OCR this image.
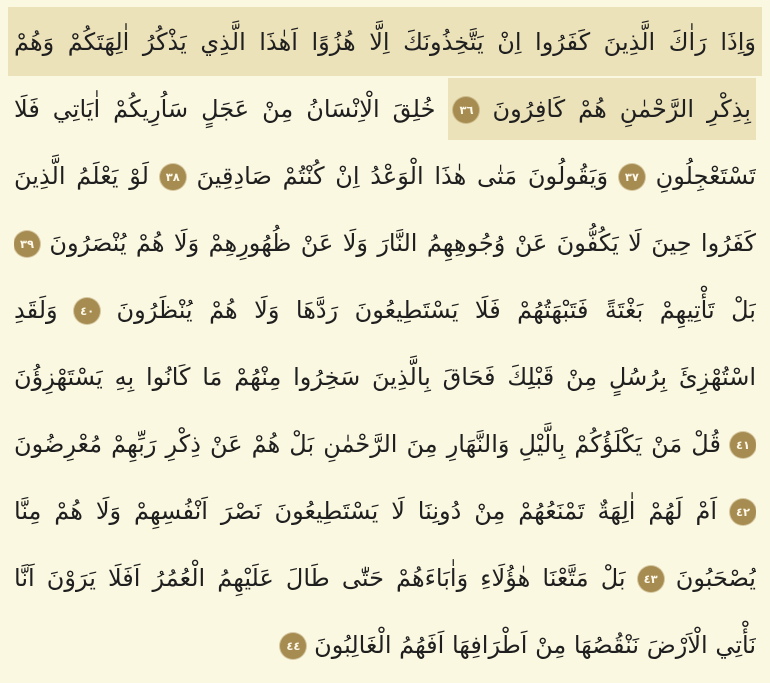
وَاِذَا رَاٰكَ الَّذِينَ كَفَرُوا اِنْ يَتَّخِذُونَكَ اِلَّا هُزُوًا اَهٰذَا الَّذِي يَذْكُرُ اٰلِهَتَكُمْ وَهُمْ
بِذِكْرِ الرَّحْمٰنِ هُمْ كَافِرُونَ ٣٦ خُلِقَ الْاِنْسَانُ مِنْ عَجَلٍ سَاُرِيكُمْ اٰيَاتِي فَلَا
تَسْتَعْجِلُونِ ٣٧ وَيَقُولُونَ مَتٰى هٰذَا الْوَعْدُ اِنْ كُنْتُمْ صَادِقِينَ ٣٨ لَوْ يَعْلَمُ الَّذِينَ
كَفَرُوا حِينَ لَا يَكُفُّونَ عَنْ وُجُوهِهِمُ النَّارَ وَلَا عَنْ ظُهُورِهِمْ وَلَا هُمْ يُنْصَرُونَ ٣٩
بَلْ تَأْتِيهِمْ بَغْتَةً فَتَبْهَتُهُمْ فَلَا يَسْتَطِيعُونَ رَدَّهَا وَلَا هُمْ يُنْظَرُونَ ٤٠ وَلَقَدِ
اسْتُهْزِئَ بِرُسُلٍ مِنْ قَبْلِكَ فَحَاقَ بِالَّذِينَ سَخِرُوا مِنْهُمْ مَا كَانُوا بِهِ يَسْتَهْزِؤُنَ
٤١ قُلْ مَنْ يَكْلَؤُكُمْ بِالَّيْلِ وَالنَّهَارِ مِنَ الرَّحْمٰنِ بَلْ هُمْ عَنْ ذِكْرِ رَبِّهِمْ مُعْرِضُونَ
٤٢ اَمْ لَهُمْ اٰلِهَةٌ تَمْنَعُهُمْ مِنْ دُونِنَا لَا يَسْتَطِيعُونَ نَصْرَ اَنْفُسِهِمْ وَلَا هُمْ مِنَّا
يُصْحَبُونَ ٤٣ بَلْ مَتَّعْنَا هٰؤُلَاءِ وَاٰبَاءَهُمْ حَتّٰى طَالَ عَلَيْهِمُ الْعُمُرُ اَفَلَا يَرَوْنَ اَنَّا
نَأْتِي الْاَرْضَ نَنْقُصُهَا مِنْ اَطْرَافِهَا اَفَهُمُ الْغَالِبُونَ ٤٤
